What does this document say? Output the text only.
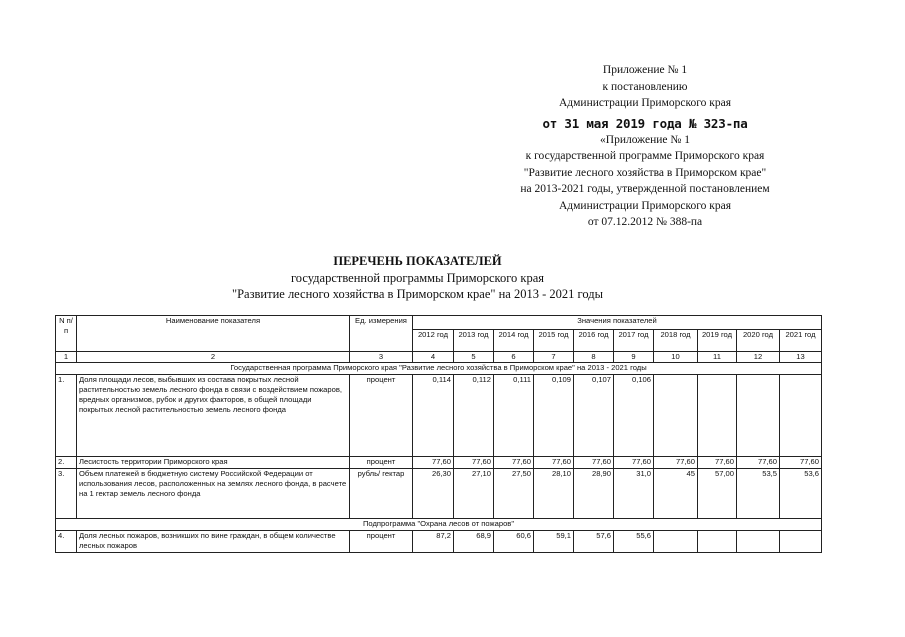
Приложение № 1
к постановлению
Администрации Приморского края
от 31 мая 2019 года № 323-па
«Приложение № 1
к государственной программе Приморского края
"Развитие лесного хозяйства в Приморском крае"
на 2013-2021 годы, утвержденной постановлением
Администрации Приморского края
от 07.12.2012 № 388-па
ПЕРЕЧЕНЬ ПОКАЗАТЕЛЕЙ
государственной программы Приморского края
"Развитие лесного хозяйства в Приморском крае" на 2013 - 2021 годы
N п/п	Наименование показателя	Ед. измерения	Значения показателей									
			2012 год	2013 год	2014 год	2015 год	2016 год	2017 год	2018 год	2019 год	2020 год	2021 год
1	2	3	4	5	6	7	8	9	10	11	12	13
Государственная программа Приморского края "Развитие лесного хозяйства в Приморском крае" на 2013 - 2021 годы												
1.	Доля площади лесов, выбывших из состава покрытых лесной растительностью земель лесного фонда в связи с воздействием пожаров, вредных организмов, рубок и других факторов, в общей площади покрытых лесной растительностью земель лесного фонда	процент	0,114	0,112	0,111	0,109	0,107	0,106				
2.	Лесистость территории Приморского края	процент	77,60	77,60	77,60	77,60	77,60	77,60	77,60	77,60	77,60	77,60
3.	Объем платежей в бюджетную систему Российской Федерации от использования лесов, расположенных на землях лесного фонда, в расчете на 1 гектар земель лесного фонда	рубль/ гектар	26,30	27,10	27,50	28,10	28,90	31,0	45	57,00	53,5	53,6
Подпрограмма "Охрана лесов от пожаров"												
4.	Доля лесных пожаров, возникших по вине граждан, в общем количестве лесных пожаров	процент	87,2	68,9	60,6	59,1	57,6	55,6				
